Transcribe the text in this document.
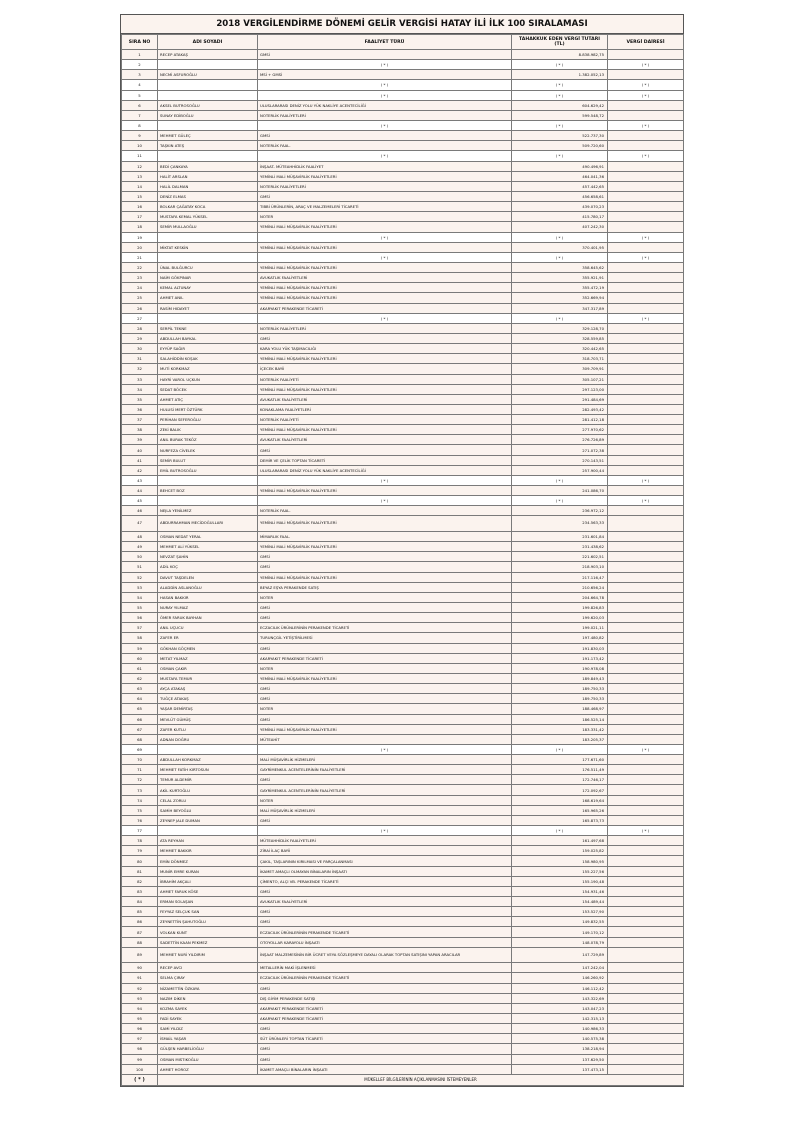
2018 VERGİLENDİRME DÖNEMİ GELİR VERGİSİ HATAY İLİ İLK 100 SIRALAMASI
SIRA NO	ADI SOYADI	FAALİYET TÜRÜ	TAHAKKUK EDEN VERGİ TUTARI (TL)	VERGİ DAİRESİ
1	RECEP ATAKAŞ	GMSİ	8.838.982,75	
2		( * )	( * )	( * )
3	NECMİ ASFUROĞLU	MSİ + GMSİ	1.382.052,13	
4		( * )	( * )	( * )
5		( * )	( * )	( * )
6	AKSEL BUTROSOĞLU	ULUSLARARASI DENİZ YOLU YÜK NAKLİYE ACENTECİLİĞİ	604.629,42	
7	SUNAY EDİBOĞLU	NOTERLİK FAALİYETLERİ	599.548,72	
8		( * )	( * )	( * )
9	MEHMET GÜLEÇ	GMSİ	522.737,30	
10	TAŞKIN ATEŞ	NOTERLİK FAAL.	509.720,60	
11		( * )	( * )	( * )
12	BEDİ ÇANKAYA	İNŞAAT- MÜTEAHHİDLİK FAALİYET	490.496,91	
13	HALİT ARSLAN	YEMİNLİ MALİ MÜŞAVİRLİK FAALİYETLERİ	464.041,36	
14	HALİL DALMAN	NOTERLİK FAALİYETLERİ	457.442,65	
15	DENİZ ELMAS	GMSİ	456.658,61	
16	BOLKAR ÇAĞATAY KOCA	TIBBİ ÜRÜNLERİN, ARAÇ VE MALZEMELERİ TİCARETİ	439.070,23	
17	MUSTAFA KEMAL YÜKSEL	NOTER	415.780,17	
18	SEMİR MULLAOĞLU	YEMİNLİ MALİ MÜŞAVİRLİK FAALİYETLERİ	407.242,30	
19		( * )	( * )	( * )
20	MİKTAT KESKİN	YEMİNLİ MALİ MÜŞAVİRLİK FAALİYETLERİ	370.401,95	
21		( * )	( * )	( * )
22	ÜNAL BULĞURCU	YEMİNLİ MALİ MÜŞAVİRLİK FAALİYETLERİ	358.645,62	
23	NAİM GÖKPINAR	AVUKATLIK FAALİYETLERİ	355.921,91	
24	KEMAL ALTUNAY	YEMİNLİ MALİ MÜŞAVİRLİK FAALİYETLERİ	355.472,19	
25	AHMET ANIL	YEMİNLİ MALİ MÜŞAVİRLİK FAALİYETLERİ	352.669,94	
26	RASİM HIDAYET	AKARYAKIT PERAKENDE TİCARETİ	347.317,89	
27		( * )	( * )	( * )
28	SERPİL TEKNE	NOTERLİK FAALİYETLERİ	329.128,70	
29	ABDULLAH BAYKAL	GMSİ	328.559,85	
30	EYYÜP SAĞIR	KARA YOLU YÜK TAŞIMACILIĞI	320.442,65	
31	SALAHİDDİN KOŞAK	YEMİNLİ MALİ MÜŞAVİRLİK FAALİYETLERİ	318.703,71	
32	MUTİ KORKMAZ	İÇECEK BAYİİ	309.709,91	
33	HAYRİ VAROL UÇKUN	NOTERLİK FAALİYETİ	305.107,21	
34	SEDAT BÖCEK	YEMİNLİ MALİ MÜŞAVİRLİK FAALİYETLERİ	297.123,00	
35	AHMET ATIÇ	AVUKATLIK FAALİYETLERİ	291.484,69	
36	HULUSİ MERT ÖZTÜRK	KONAKLAMA FAALİYETLERİ	282.493,42	
37	PERİHAN SEFEROĞLU	NOTERLİK FAALİYETİ	281.412,18	
38	ZEKİ BALIK	YEMİNLİ MALİ MÜŞAVİRLİK FAALİYETLERİ	277.970,62	
39	ANIL BURAK TEKÖZ	AVUKATLIK FAALİYETLERİ	276.726,89	
40	NURFEZA CİVELEK	GMSİ	271.072,38	
41	SEMİR BULUT	DEMİR VE ÇELİK TOPTAN TİCARETİ	270.143,51	
42	EMİL BUTROSOĞLU	ULUSLARARASI DENİZ YOLU YÜK NAKLİYE ACENTECİLİĞİ	257.900,44	
43		( * )	( * )	( * )
44	BEHCET BOZ	YEMİNLİ MALİ MÜŞAVİRLİK FAALİYETLERİ	241.086,70	
45		( * )	( * )	( * )
46	NEJLA YENİLMEZ	NOTERLİK FAAL.	236.972,12	
47	ABDURRAHMAN MECİDOĞULLARI	YEMİNLİ MALİ MÜŞAVİRLİK FAALİYETLERİ	234.563,33	
48	OSMAN NEDAT YERAL	MİMARLIK FAAL.	231.601,84	
49	MEHMET ALİ YÜKSEL	YEMİNLİ MALİ MÜŞAVİRLİK FAALİYETLERİ	231.438,62	
50	NEVZAT ŞAHİN	GMSİ	221.602,51	
51	ADİL KOÇ	GMSİ	218.903,10	
52	DAVUT TAŞDELEN	YEMİNLİ MALİ MÜŞAVİRLİK FAALİYETLERİ	217.116,47	
53	ALADDİN ASLANOĞLU	BEYAZ EŞYA PERAKENDE SATIŞ	210.656,24	
54	HASAN BAKKIR	NOTER	204.664,78	
55	NURAY YILMAZ	GMSİ	199.826,83	
56	ÖMER FARUK BAYHAN	GMSİ	199.620,03	
57	ANIL UÇUCU	ECZACILIK ÜRÜNLERİNİN PERAKENDE TİCARETİ	199.021,11	
58	ZAFER ER	TURUNÇGİL YETİŞTİRİLMESİ	197.480,82	
59	GÖKHAN GÖÇMEN	GMSİ	191.830,03	
60	METAT YILMAZ	AKARYAKIT PERAKENDE TİCARETİ	191.173,42	
61	OSMAN ÇAKIR	NOTER	190.978,08	
62	MUSTAFA TEMUR	YEMİNLİ MALİ MÜŞAVİRLİK FAALİYETLERİ	189.849,43	
63	AYÇA ATAKAŞ	GMSİ	189.750,33	
64	TUĞÇE ATAKAŞ	GMSİ	189.750,33	
65	YAŞAR DEMİRTAŞ	NOTER	188.468,97	
66	MEVLÜT GÜMÜŞ	GMSİ	186.525,14	
67	ZAFER KUTLU	YEMİNLİ MALİ MÜŞAVİRLİK FAALİYETLERİ	183.331,42	
68	ADNAN DOĞRU	MÜTEAHİT	183.205,37	
69		( * )	( * )	( * )
70	ABDULLAH KORKMAZ	MALİ MÜŞAVİRLİK HİZMELERİ	177.671,60	
71	MEHMET FATİH KIRTOSUN	GAYRİMENKUL ACENTELERİNİN FAALİYETLERİ	176.511,49	
72	TEMUR ALDEMİR	GMSİ	172.746,17	
73	AKİL KURTOĞLU	GAYRİMENKUL ACENTELERİNİN FAALİYETLERİ	172.092,67	
74	CELAL ZORLU	NOTER	168.619,64	
75	SAMİH BEYOĞLU	MALİ MÜŞAVİRLİK HİZMELERİ	165.965,26	
76	ZEYNEP JALE DUMAN	GMSİ	165.873,73	
77		( * )	( * )	( * )
78	ATA REYHAN	MÜTEAHHİDLİK FAALİYETLERİ	161.497,68	
79	MEHMET BAKKIR	ZİRAİ İLAÇ BAYİİ	159.025,82	
80	EMİN DÖNMEZ	ÇAKIL, TAŞLARININ KIRILMASI VE PARÇALANMASI	158.980,95	
81	MUNİR EMRE KURAN	İKAMET AMAÇLI OLMAYAN BİNALARIN İNŞAATI	155.227,56	
82	İBRAHİM AKÇALI	ÇİMENTO, ALÇI VB. PERAKENDE TİCARETİ	155.190,48	
83	AHMET FARUK KÖSE	GMSİ	154.931,46	
84	ERMAN SOLAŞAN	AVUKATLIK FAALİYETLERİ	154.489,44	
85	FEYYAZ SELÇUK SAN	GMSİ	153.527,90	
86	ZEYNETTİN ŞAHUTOĞLU	GMSİ	149.832,55	
87	VOLKAN KUNT	ECZACILIK ÜRÜNLERİNİN PERAKENDE TİCARETİ	149.170,12	
88	SADETTİN KAAN PEKMEZ	OTOYOLLAR KARAYOLU İNŞAATI	148.078,79	
89	MEHMET NURİ YILDIRIM	İNŞAAT MALZEMESİNİN BİR ÜCRET VEYA SÖZLEŞMEYE DAYALI OLARAK TOPTAN SATIŞINI YAPAN ARACILAR	147.729,89	
90	RECEP AVCI	METALLERİN MAKİ İŞLENMESİ	147.242,04	
91	SELMA ÇIRAY	ECZACILIK ÜRÜNLERİNİN PERAKENDE TİCARETİ	146.260,92	
92	NİZAMETTİN ÖZKAYA	GMSİ	146.112,42	
93	NAZIM DİKEN	DIŞ GİYİM PERAKENDE SATIŞI	143.322,69	
94	KOZMA SAYEK	AKARYAKIT PERAKENDE TİCARETİ	143.047,23	
95	FADİ SAYEK	AKARYAKIT PERAKENDE TİCARETİ	142.315,13	
96	SAMİ YILDIZ	GMSİ	140.986,33	
97	İSMAİL YAŞAR	SÜT ÜRÜNLERİ TOPTAN TİCARETİ	140.575,38	
98	GÜLŞEN HARBELİOĞLU	GMSİ	138.218,94	
99	OSMAN MISTIKOĞLU	GMSİ	137.629,50	
100	AHMET HOROZ	İKAMET AMAÇLI BİNALARIN İNŞAATI	137.473,15	
( * )	MÜKELLEF BİLGİLERİNİN AÇIKLANMASINI İSTEMEYENLER			
